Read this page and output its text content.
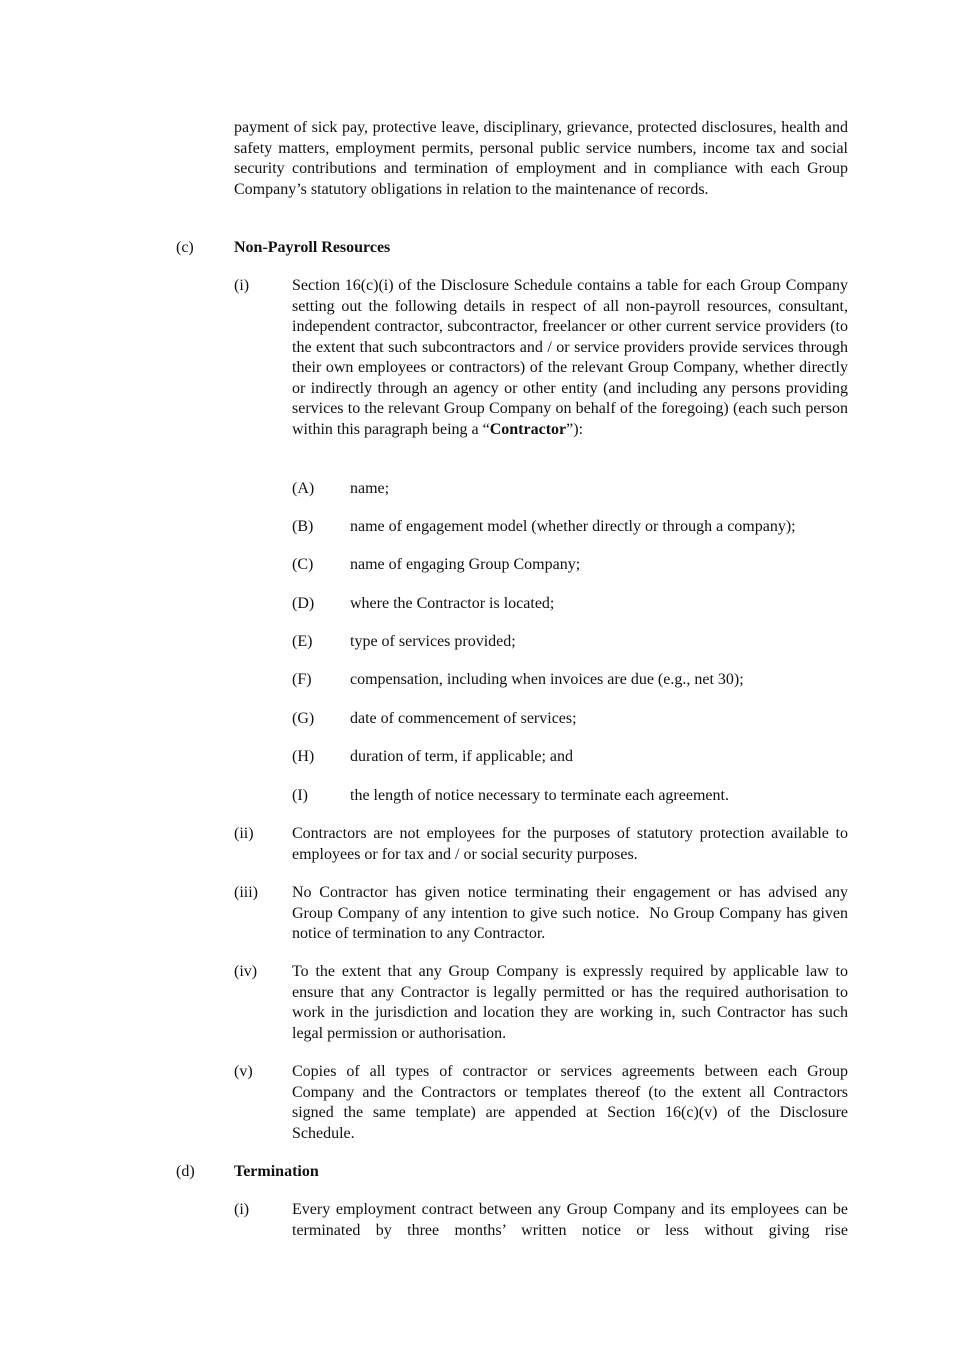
payment of sick pay, protective leave, disciplinary, grievance, protected disclosures, health and safety matters, employment permits, personal public service numbers, income tax and social security contributions and termination of employment and in compliance with each Group Company’s statutory obligations in relation to the maintenance of records.
(c)	Non-Payroll Resources
(i)	Section 16(c)(i) of the Disclosure Schedule contains a table for each Group Company setting out the following details in respect of all non-payroll resources, consultant, independent contractor, subcontractor, freelancer or other current service providers (to the extent that such subcontractors and / or service providers provide services through their own employees or contractors) of the relevant Group Company, whether directly or indirectly through an agency or other entity (and including any persons providing services to the relevant Group Company on behalf of the foregoing) (each such person within this paragraph being a “Contractor”):
(A) name;
(B) name of engagement model (whether directly or through a company);
(C) name of engaging Group Company;
(D) where the Contractor is located;
(E) type of services provided;
(F) compensation, including when invoices are due (e.g., net 30);
(G) date of commencement of services;
(H) duration of term, if applicable; and
(I)	the length of notice necessary to terminate each agreement.
(ii) Contractors are not employees for the purposes of statutory protection available to employees or for tax and / or social security purposes.
(iii) No Contractor has given notice terminating their engagement or has advised any Group Company of any intention to give such notice.  No Group Company has given notice of termination to any Contractor.
(iv) To the extent that any Group Company is expressly required by applicable law to ensure that any Contractor is legally permitted or has the required authorisation to work in the jurisdiction and location they are working in, such Contractor has such legal permission or authorisation.
(v) Copies of all types of contractor or services agreements between each Group Company and the Contractors or templates thereof (to the extent all Contractors signed the same template) are appended at Section 16(c)(v) of the Disclosure Schedule.
(d) Termination
(i)	Every employment contract between any Group Company and its employees can be terminated by three months’ written notice or less without giving rise
